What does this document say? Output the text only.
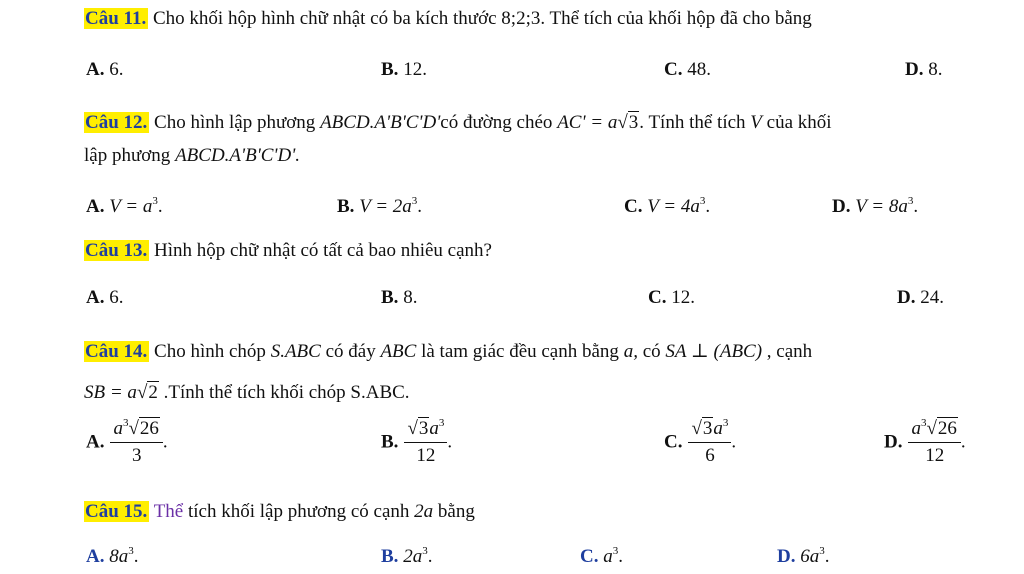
Câu 11. Cho khối hộp hình chữ nhật có ba kích thước 8;2;3. Thể tích của khối hộp đã cho bằng
A. 6.	B. 12.	C. 48.	D. 8.
Câu 12. Cho hình lập phương ABCD.A'B'C'D'có đường chéo AC' = a√3. Tính thể tích V của khối
lập phương ABCD.A'B'C'D'.
A. $V = a^3$.	B. $V = 2a^3$.	C. $V = 4a^3$.	D. $V = 8a^3$.
Câu 13. Hình hộp chữ nhật có tất cả bao nhiêu cạnh?
A. 6.	B. 8.	C. 12.	D. 24.
Câu 14. Cho hình chóp S.ABC có đáy ABC là tam giác đều cạnh bằng a, có SA ⊥ (ABC) , cạnh
SB = a√2 .Tính thể tích khối chóp S.ABC.
A. $\frac{a^3√26}{3}$ .	B. $\frac{√3a^3}{12}$ .	C. $\frac{√3a^3}{6}$ .	D. $\frac{a^3√26}{12}$ .
Câu 15. Thể tích khối lập phương có cạnh 2a bằng
A. $8a^3$.	B. $2a^3$.	C. $a^3$.	D. $6a^3$.
